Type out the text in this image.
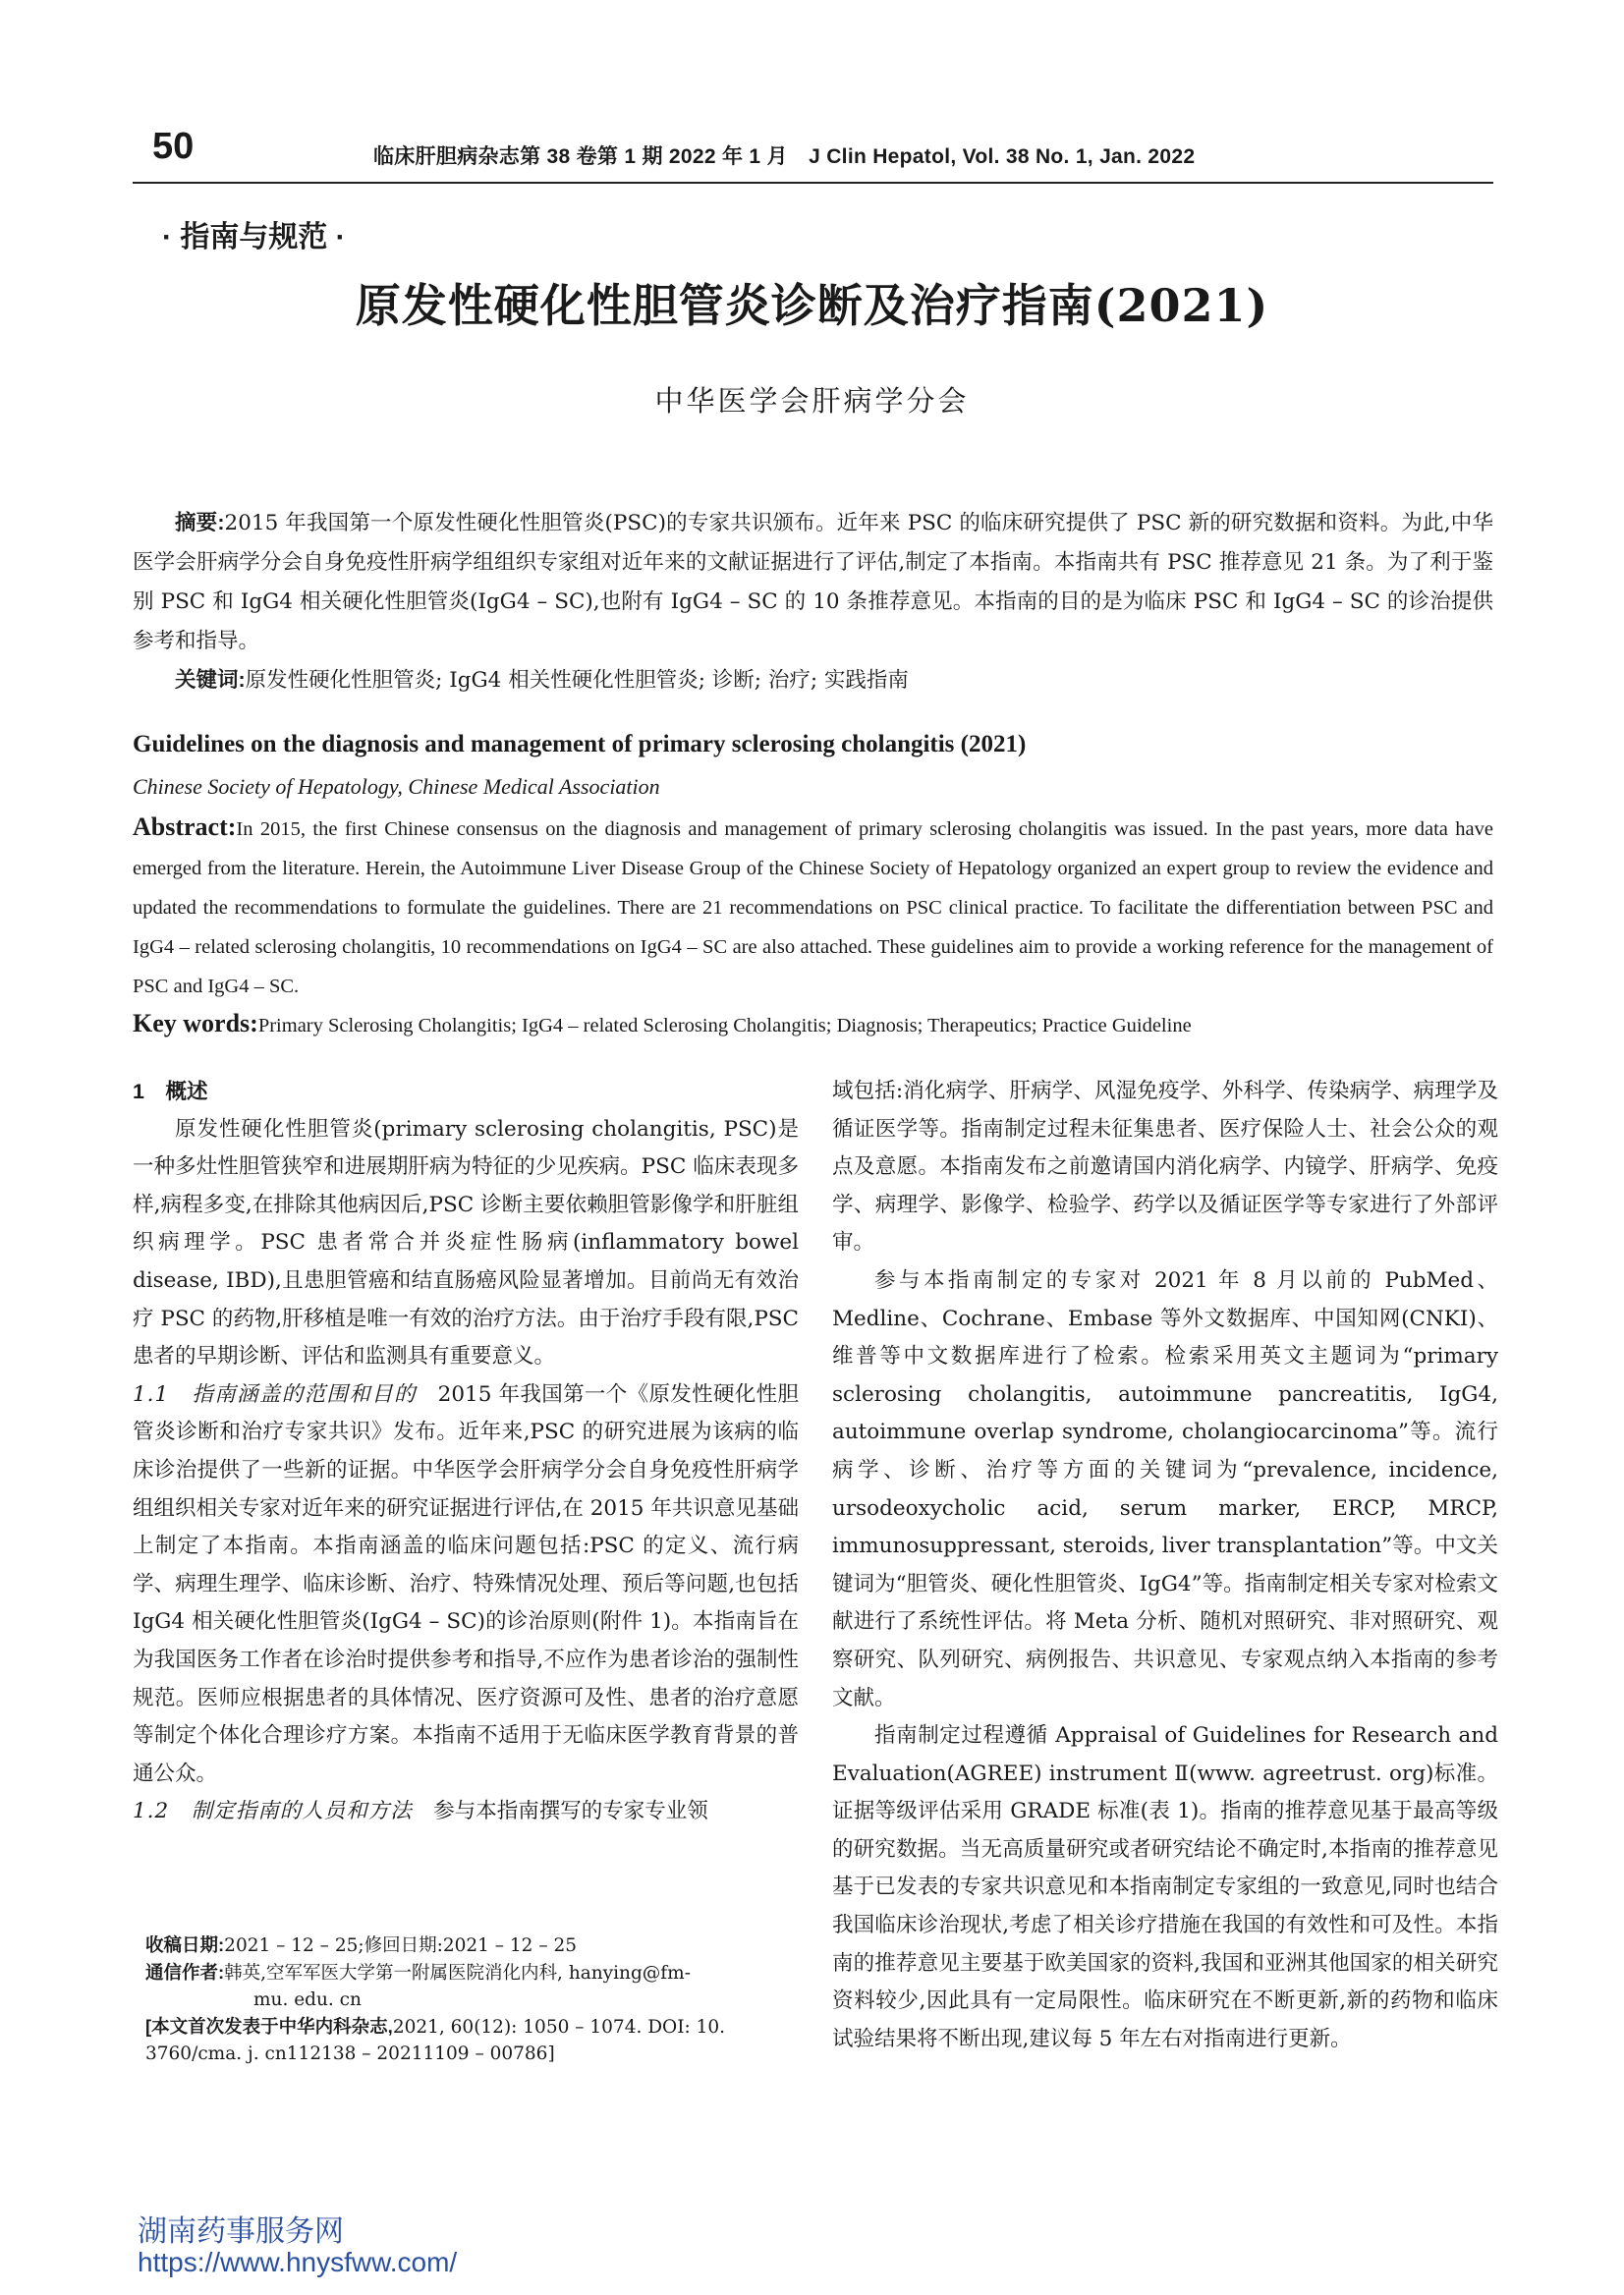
50	临床肝胆病杂志第 38 卷第 1 期 2022 年 1 月　J Clin Hepatol, Vol. 38 No. 1, Jan. 2022
· 指南与规范 ·
原发性硬化性胆管炎诊断及治疗指南(2021)
中华医学会肝病学分会
摘要:2015 年我国第一个原发性硬化性胆管炎(PSC)的专家共识颁布。近年来 PSC 的临床研究提供了 PSC 新的研究数据和资料。为此,中华医学会肝病学分会自身免疫性肝病学组组织专家组对近年来的文献证据进行了评估,制定了本指南。本指南共有 PSC 推荐意见 21 条。为了利于鉴别 PSC 和 IgG4 相关硬化性胆管炎(IgG4 – SC),也附有 IgG4 – SC 的 10 条推荐意见。本指南的目的是为临床 PSC 和 IgG4 – SC 的诊治提供参考和指导。
关键词:原发性硬化性胆管炎; IgG4 相关性硬化性胆管炎; 诊断; 治疗; 实践指南
Guidelines on the diagnosis and management of primary sclerosing cholangitis (2021)
Chinese Society of Hepatology, Chinese Medical Association
Abstract:In 2015, the first Chinese consensus on the diagnosis and management of primary sclerosing cholangitis was issued. In the past years, more data have emerged from the literature. Herein, the Autoimmune Liver Disease Group of the Chinese Society of Hepatology organized an expert group to review the evidence and updated the recommendations to formulate the guidelines. There are 21 recommendations on PSC clinical practice. To facilitate the differentiation between PSC and IgG4 – related sclerosing cholangitis, 10 recommendations on IgG4 – SC are also attached. These guidelines aim to provide a working reference for the management of PSC and IgG4 – SC.
Key words:Primary Sclerosing Cholangitis; IgG4 – related Sclerosing Cholangitis; Diagnosis; Therapeutics; Practice Guideline

1　概述

原发性硬化性胆管炎(primary sclerosing cholangitis, PSC)是一种多灶性胆管狭窄和进展期肝病为特征的少见疾病。PSC 临床表现多样,病程多变,在排除其他病因后,PSC 诊断主要依赖胆管影像学和肝脏组织病理学。PSC 患者常合并炎症性肠病(inflammatory bowel disease, IBD),且患胆管癌和结直肠癌风险显著增加。目前尚无有效治疗 PSC 的药物,肝移植是唯一有效的治疗方法。由于治疗手段有限,PSC 患者的早期诊断、评估和监测具有重要意义。

1.1　指南涵盖的范围和目的　2015 年我国第一个《原发性硬化性胆管炎诊断和治疗专家共识》发布。近年来,PSC 的研究进展为该病的临床诊治提供了一些新的证据。中华医学会肝病学分会自身免疫性肝病学组组织相关专家对近年来的研究证据进行评估,在 2015 年共识意见基础上制定了本指南。本指南涵盖的临床问题包括:PSC 的定义、流行病学、病理生理学、临床诊断、治疗、特殊情况处理、预后等问题,也包括 IgG4 相关硬化性胆管炎(IgG4 – SC)的诊治原则(附件 1)。本指南旨在为我国医务工作者在诊治时提供参考和指导,不应作为患者诊治的强制性规范。医师应根据患者的具体情况、医疗资源可及性、患者的治疗意愿等制定个体化合理诊疗方案。本指南不适用于无临床医学教育背景的普通公众。

1.2　制定指南的人员和方法　参与本指南撰写的专家专业领

收稿日期:2021 – 12 – 25;修回日期:2021 – 12 – 25
通信作者:韩英,空军军医大学第一附属医院消化内科, hanying@fm-
mu. edu. cn
[本文首次发表于中华内科杂志,2021, 60(12): 1050 – 1074. DOI: 10. 3760/cma. j. cn112138 – 20211109 – 00786]

域包括:消化病学、肝病学、风湿免疫学、外科学、传染病学、病理学及循证医学等。指南制定过程未征集患者、医疗保险人士、社会公众的观点及意愿。本指南发布之前邀请国内消化病学、内镜学、肝病学、免疫学、病理学、影像学、检验学、药学以及循证医学等专家进行了外部评审。

参与本指南制定的专家对 2021 年 8 月以前的 PubMed、Medline、Cochrane、Embase 等外文数据库、中国知网(CNKI)、维普等中文数据库进行了检索。检索采用英文主题词为“primary sclerosing cholangitis, autoimmune pancreatitis, IgG4, autoimmune overlap syndrome, cholangiocarcinoma”等。流行病学、诊断、治疗等方面的关键词为“prevalence, incidence, ursodeoxycholic acid, serum marker, ERCP, MRCP, immunosuppressant, steroids, liver transplantation”等。中文关键词为“胆管炎、硬化性胆管炎、IgG4”等。指南制定相关专家对检索文献进行了系统性评估。将 Meta 分析、随机对照研究、非对照研究、观察研究、队列研究、病例报告、共识意见、专家观点纳入本指南的参考文献。

指南制定过程遵循 Appraisal of Guidelines for Research and Evaluation(AGREE) instrument Ⅱ(www. agreetrust. org)标准。证据等级评估采用 GRADE 标准(表 1)。指南的推荐意见基于最高等级的研究数据。当无高质量研究或者研究结论不确定时,本指南的推荐意见基于已发表的专家共识意见和本指南制定专家组的一致意见,同时也结合我国临床诊治现状,考虑了相关诊疗措施在我国的有效性和可及性。本指南的推荐意见主要基于欧美国家的资料,我国和亚洲其他国家的相关研究资料较少,因此具有一定局限性。临床研究在不断更新,新的药物和临床试验结果将不断出现,建议每 5 年左右对指南进行更新。

湖南药事服务网
https://www.hnysfww.com/
